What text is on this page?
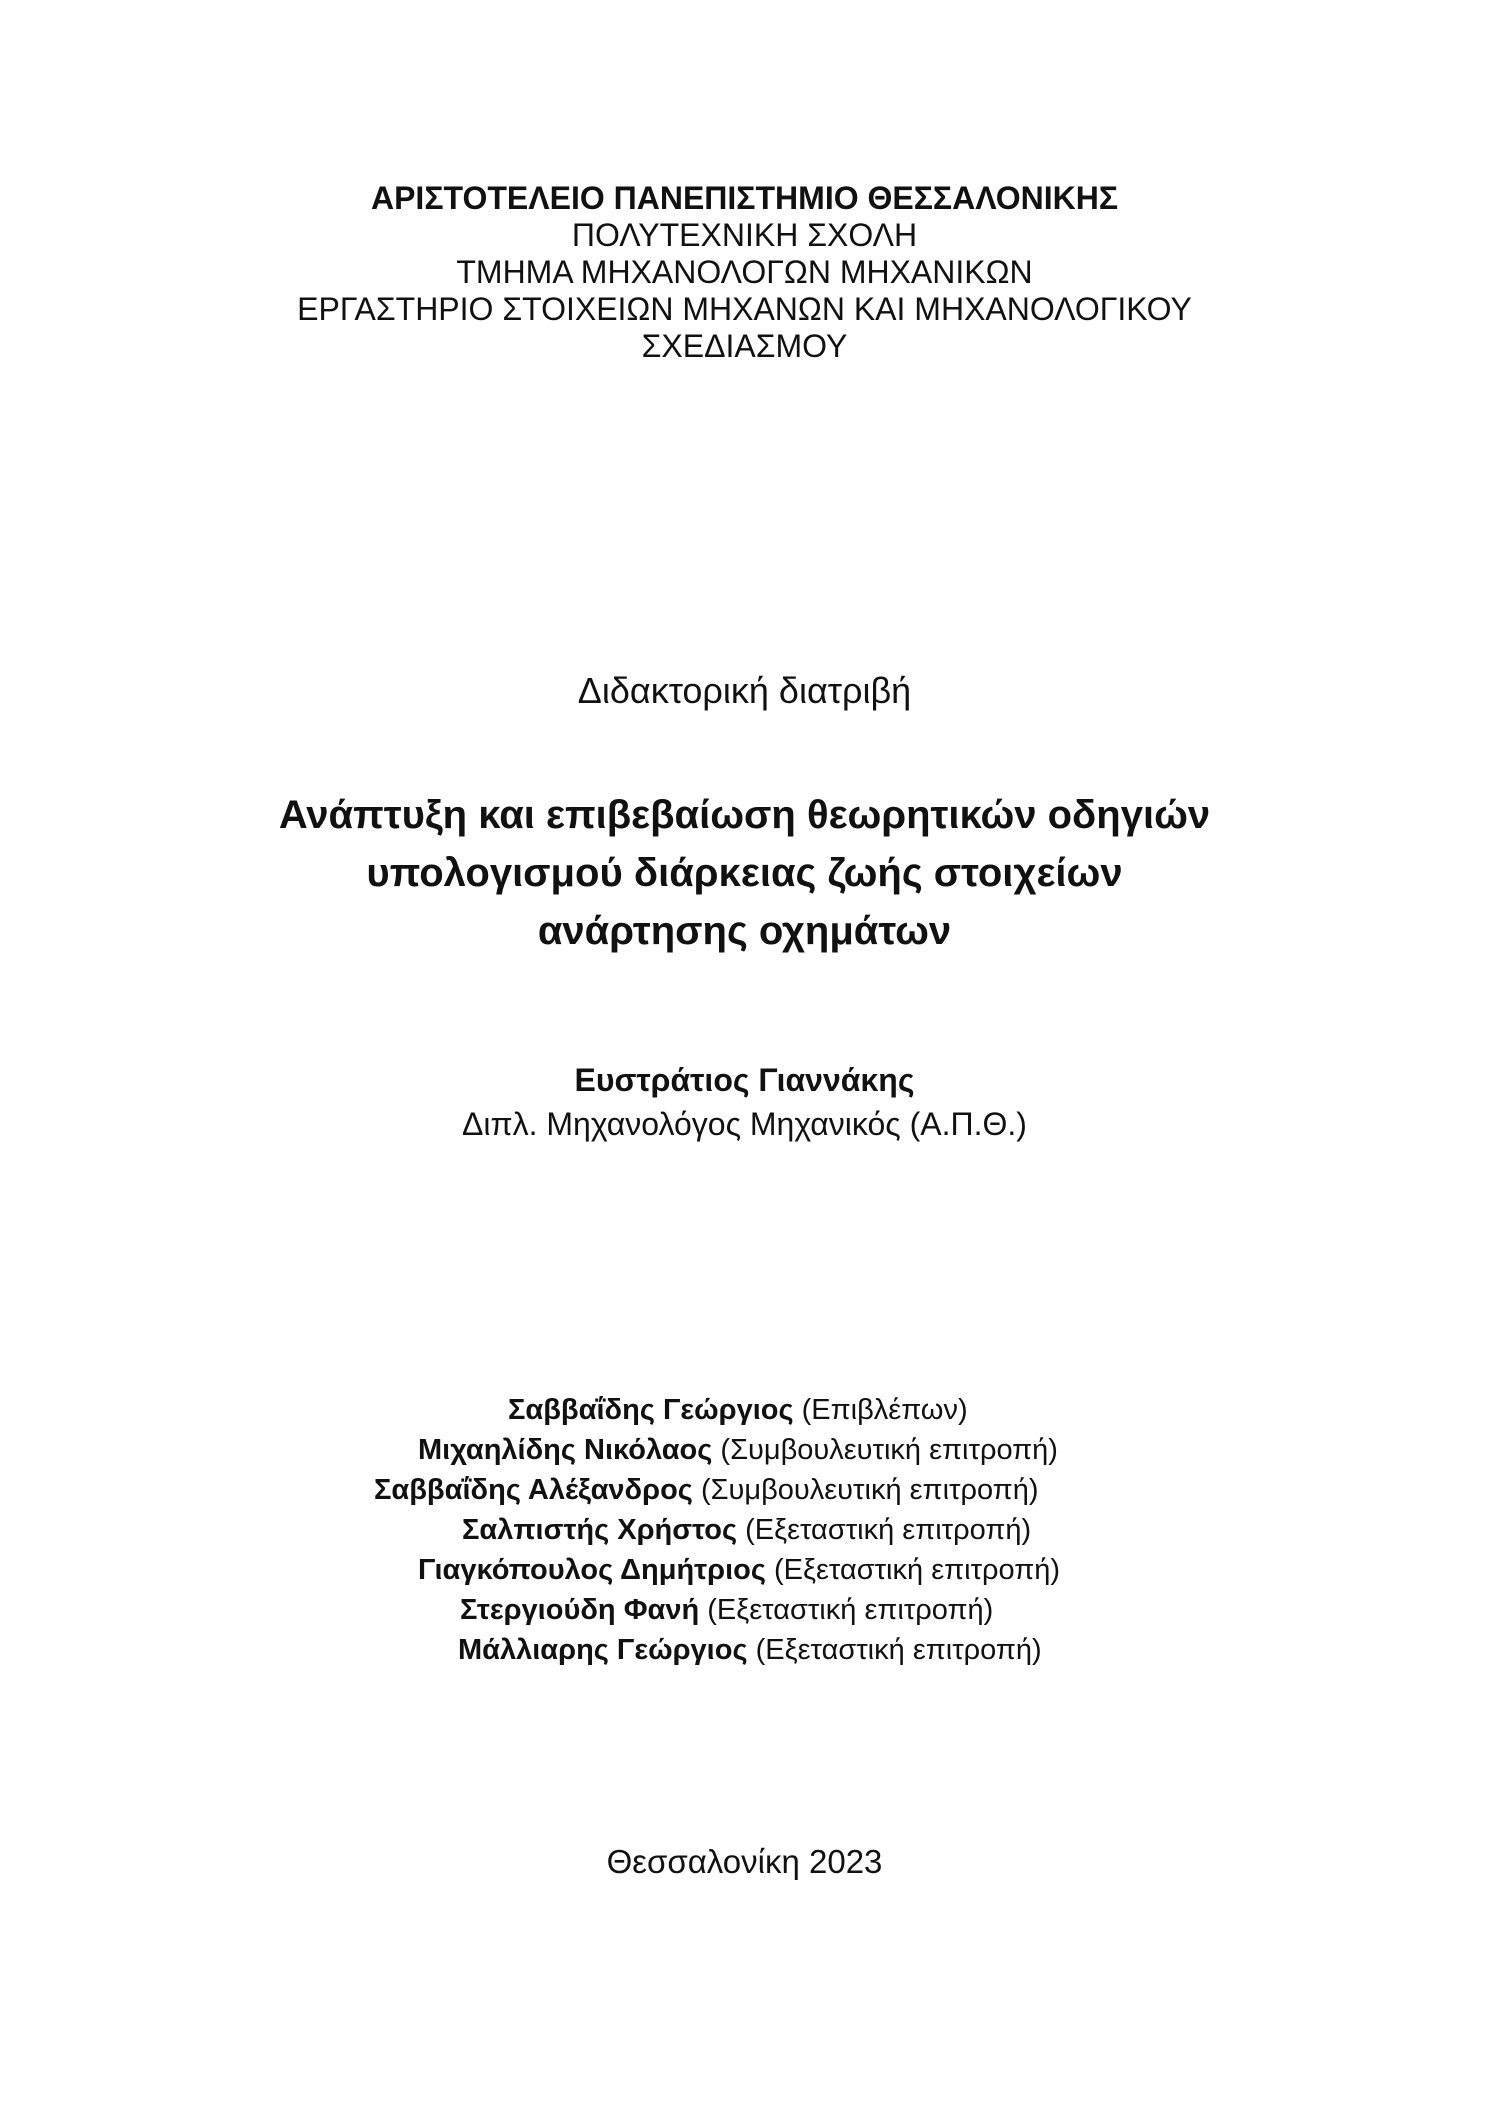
ΑΡΙΣΤΟΤΕΛΕΙΟ ΠΑΝΕΠΙΣΤΗΜΙΟ ΘΕΣΣΑΛΟΝΙΚΗΣ
ΠΟΛΥΤΕΧΝΙΚΗ ΣΧΟΛΗ
ΤΜΗΜΑ ΜΗΧΑΝΟΛΟΓΩΝ ΜΗΧΑΝΙΚΩΝ
ΕΡΓΑΣΤΗΡΙΟ ΣΤΟΙΧΕΙΩΝ ΜΗΧΑΝΩΝ ΚΑΙ ΜΗΧΑΝΟΛΟΓΙΚΟΥ
ΣΧΕΔΙΑΣΜΟΥ
Διδακτορική διατριβή
Ανάπτυξη και επιβεβαίωση θεωρητικών οδηγιών
υπολογισμού διάρκειας ζωής στοιχείων
ανάρτησης οχημάτων
Ευστράτιος Γιαννάκης
Διπλ. Μηχανολόγος Μηχανικός (Α.Π.Θ.)
Σαββαΐδης Γεώργιος (Επιβλέπων)
Μιχαηλίδης Νικόλαος (Συμβουλευτική επιτροπή)
Σαββαΐδης Αλέξανδρος (Συμβουλευτική επιτροπή)
Σαλπιστής Χρήστος (Εξεταστική επιτροπή)
Γιαγκόπουλος Δημήτριος (Εξεταστική επιτροπή)
Στεργιούδη Φανή (Εξεταστική επιτροπή)
Μάλλιαρης Γεώργιος (Εξεταστική επιτροπή)
Θεσσαλονίκη 2023
